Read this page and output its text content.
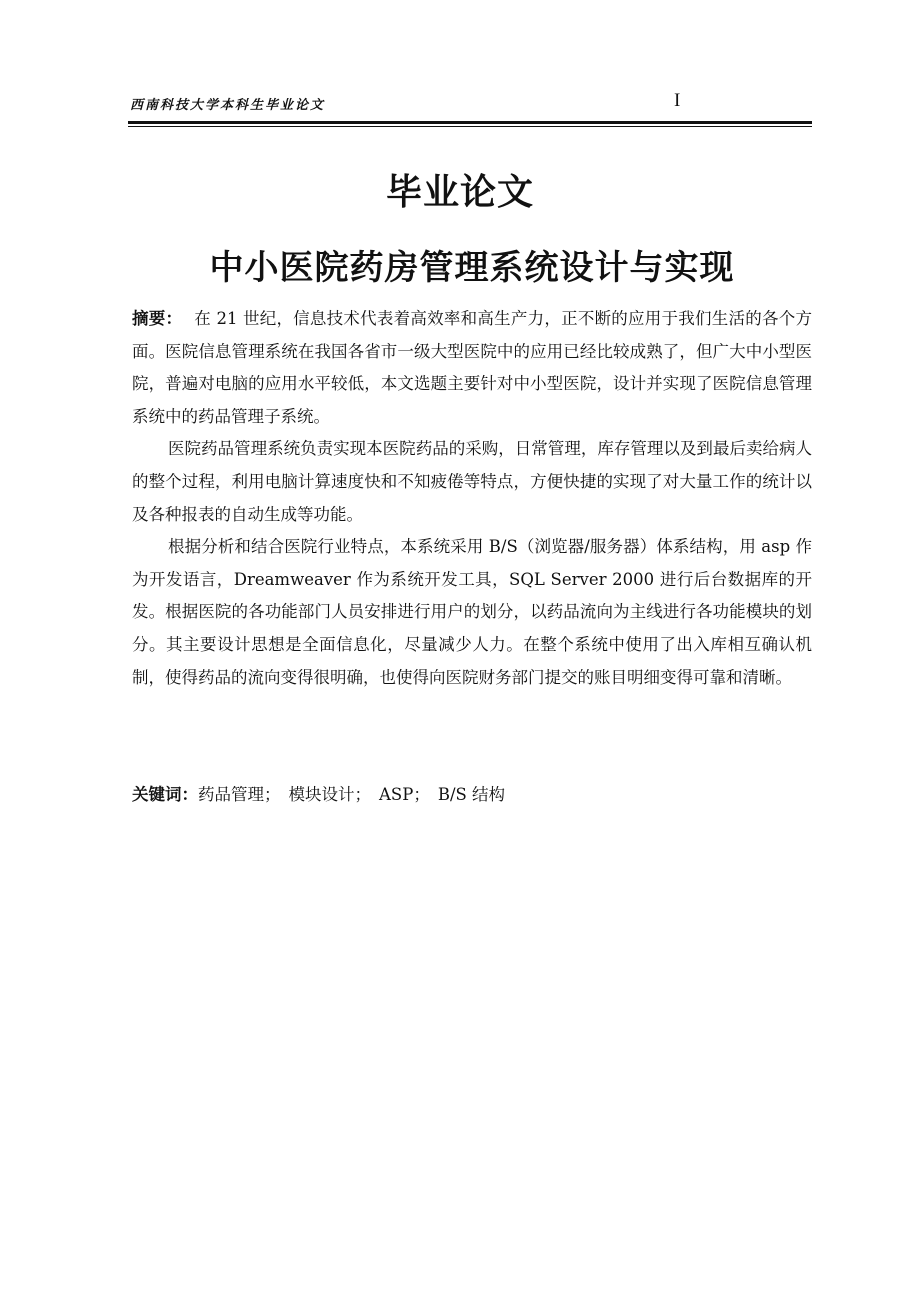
西南科技大学本科生毕业论文	I
毕业论文
中小医院药房管理系统设计与实现

摘要： 在 21 世纪，信息技术代表着高效率和高生产力，正不断的应用于我们生活的各个方面。医院信息管理系统在我国各省市一级大型医院中的应用已经比较成熟了，但广大中小型医院，普遍对电脑的应用水平较低，本文选题主要针对中小型医院，设计并实现了医院信息管理系统中的药品管理子系统。

医院药品管理系统负责实现本医院药品的采购，日常管理，库存管理以及到最后卖给病人的整个过程，利用电脑计算速度快和不知疲倦等特点，方便快捷的实现了对大量工作的统计以及各种报表的自动生成等功能。

根据分析和结合医院行业特点，本系统采用 B/S（浏览器/服务器）体系结构，用 asp 作为开发语言，Dreamweaver 作为系统开发工具，SQL Server 2000 进行后台数据库的开发。根据医院的各功能部门人员安排进行用户的划分，以药品流向为主线进行各功能模块的划分。其主要设计思想是全面信息化，尽量减少人力。在整个系统中使用了出入库相互确认机制，使得药品的流向变得很明确，也使得向医院财务部门提交的账目明细变得可靠和清晰。

关键词：药品管理； 模块设计； ASP； B/S 结构
